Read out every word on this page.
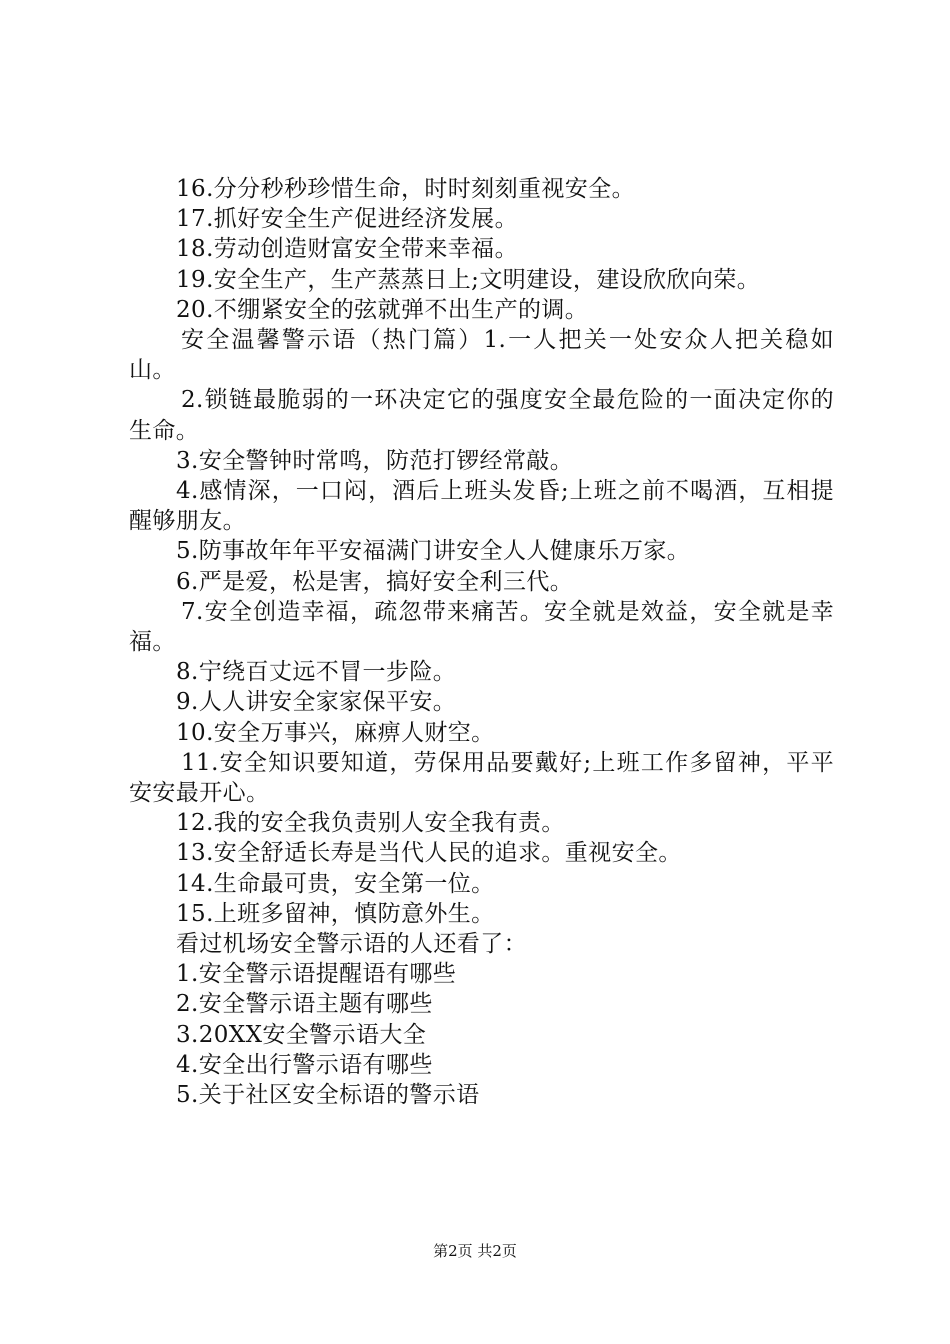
16.分分秒秒珍惜生命，时时刻刻重视安全。

17.抓好安全生产促进经济发展。

18.劳动创造财富安全带来幸福。

19.安全生产，生产蒸蒸日上;文明建设，建设欣欣向荣。

20.不绷紧安全的弦就弹不出生产的调。

安全温馨警示语（热门篇）1.一人把关一处安众人把关稳如山。

2.锁链最脆弱的一环决定它的强度安全最危险的一面决定你的生命。

3.安全警钟时常鸣，防范打锣经常敲。

4.感情深，一口闷，酒后上班头发昏;上班之前不喝酒，互相提醒够朋友。

5.防事故年年平安福满门讲安全人人健康乐万家。

6.严是爱，松是害，搞好安全利三代。

7.安全创造幸福，疏忽带来痛苦。安全就是效益，安全就是幸福。

8.宁绕百丈远不冒一步险。

9.人人讲安全家家保平安。

10.安全万事兴，麻痹人财空。

11.安全知识要知道，劳保用品要戴好;上班工作多留神，平平安安最开心。

12.我的安全我负责别人安全我有责。

13.安全舒适长寿是当代人民的追求。重视安全。

14.生命最可贵，安全第一位。

15.上班多留神，慎防意外生。

看过机场安全警示语的人还看了：

1.安全警示语提醒语有哪些

2.安全警示语主题有哪些

3.20XX安全警示语大全

4.安全出行警示语有哪些

5.关于社区安全标语的警示语

第2页 共2页
